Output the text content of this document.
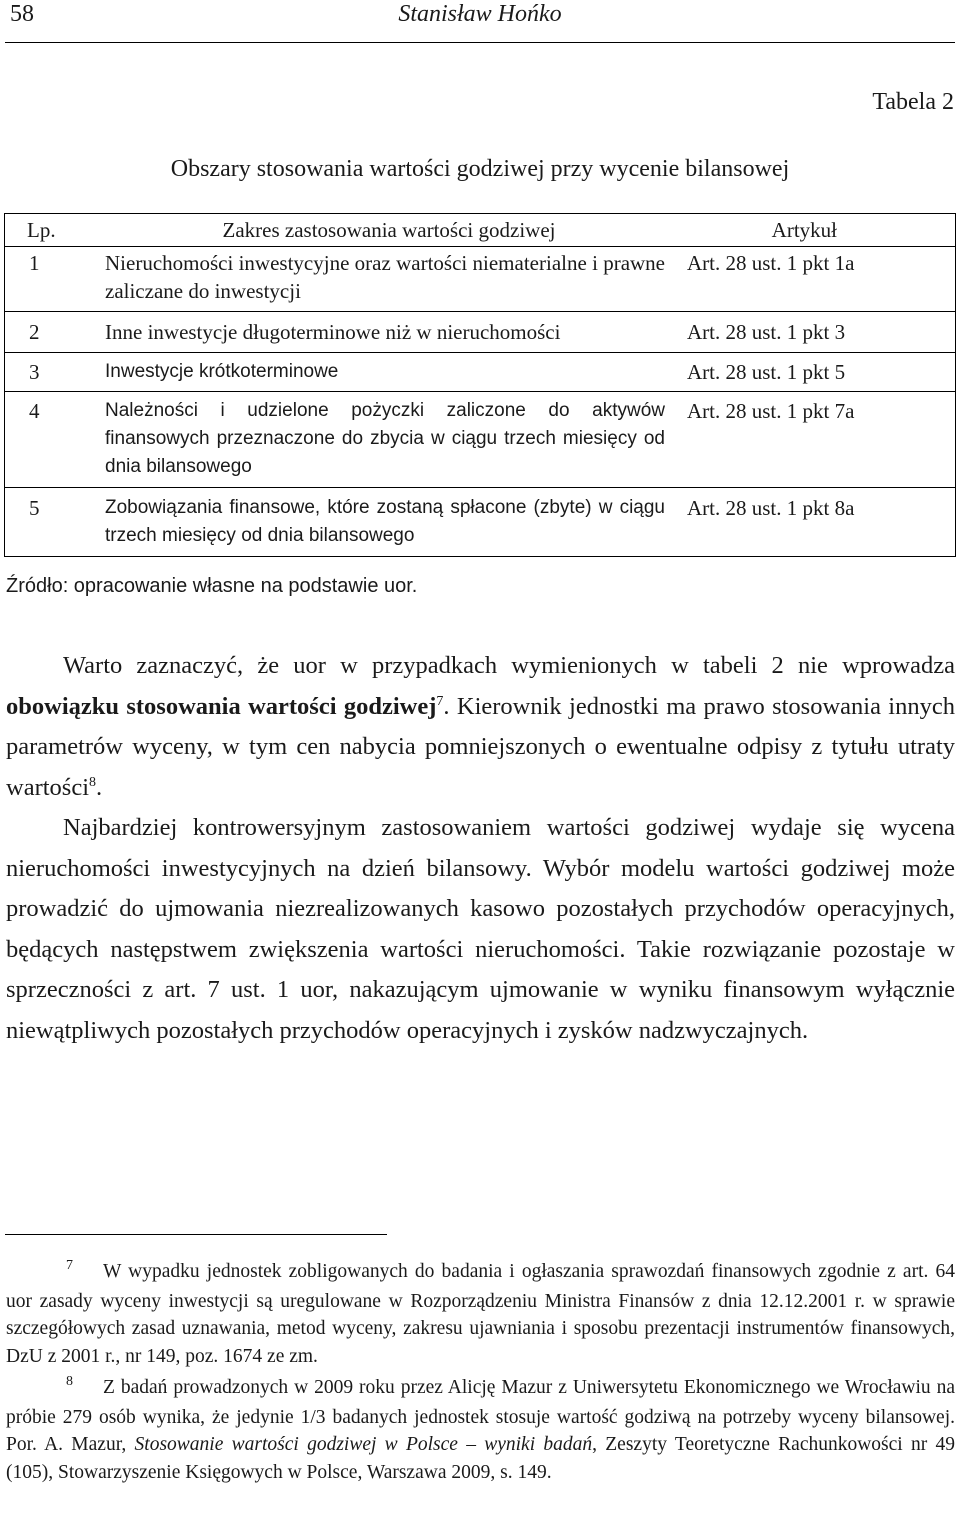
58	Stanisław Hońko
Tabela 2
Obszary stosowania wartości godziwej przy wycenie bilansowej
Lp.	Zakres zastosowania wartości godziwej	Artykuł
1	Nieruchomości inwestycyjne oraz wartości niematerialne i prawne zaliczane do inwestycji	Art. 28 ust. 1 pkt 1a
2	Inne inwestycje długoterminowe niż w nieruchomości	Art. 28 ust. 1 pkt 3
3	Inwestycje krótkoterminowe	Art. 28 ust. 1 pkt 5
4	Należności i udzielone pożyczki zaliczone do aktywów finansowych przeznaczone do zbycia w ciągu trzech miesięcy od dnia bilansowego	Art. 28 ust. 1 pkt 7a
5	Zobowiązania finansowe, które zostaną spłacone (zbyte) w ciągu trzech miesięcy od dnia bilansowego	Art. 28 ust. 1 pkt 8a
Źródło: opracowanie własne na podstawie uor.

Warto zaznaczyć, że uor w przypadkach wymienionych w tabeli 2 nie wprowadza obowiązku stosowania wartości godziwej$^7$. Kierownik jednostki ma prawo stosowania innych parametrów wyceny, w tym cen nabycia pomniejszonych o ewentualne odpisy z tytułu utraty wartości$^8$.

Najbardziej kontrowersyjnym zastosowaniem wartości godziwej wydaje się wycena nieruchomości inwestycyjnych na dzień bilansowy. Wybór modelu wartości godziwej może prowadzić do ujmowania niezrealizowanych kasowo pozostałych przychodów operacyjnych, będących następstwem zwiększenia wartości nieruchomości. Takie rozwiązanie pozostaje w sprzeczności z art. 7 ust. 1 uor, nakazującym ujmowanie w wyniku finansowym wyłącznie niewątpliwych pozostałych przychodów operacyjnych i zysków nadzwyczajnych.

$^7$ W wypadku jednostek zobligowanych do badania i ogłaszania sprawozdań finansowych zgodnie z art. 64 uor zasady wyceny inwestycji są uregulowane w Rozporządzeniu Ministra Finansów z dnia 12.12.2001 r. w sprawie szczegółowych zasad uznawania, metod wyceny, zakresu ujawniania i sposobu prezentacji instrumentów finansowych, DzU z 2001 r., nr 149, poz. 1674 ze zm.

$^8$ Z badań prowadzonych w 2009 roku przez Alicję Mazur z Uniwersytetu Ekonomicznego we Wrocławiu na próbie 279 osób wynika, że jedynie 1/3 badanych jednostek stosuje wartość godziwą na potrzeby wyceny bilansowej. Por. A. Mazur, Stosowanie wartości godziwej w Polsce – wyniki badań, Zeszyty Teoretyczne Rachunkowości nr 49 (105), Stowarzyszenie Księgowych w Polsce, Warszawa 2009, s. 149.
